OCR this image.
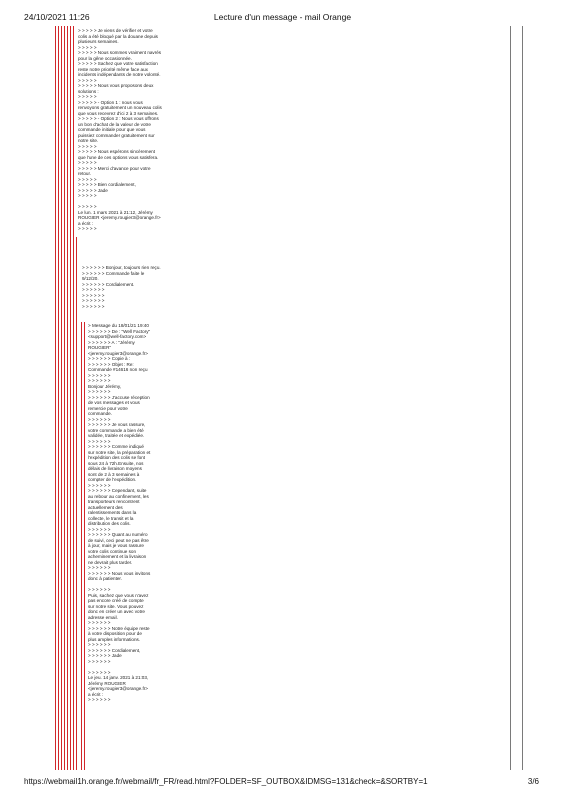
24/10/2021 11:26	Lecture d'un message - mail Orange
> > > > > Je viens de vérifier et votre
colis a été bloqué par la douane depuis
plusieurs semaines.
> > > > >
> > > > > Nous sommes vraiment navrés
pour la gêne occasionnée.
> > > > > Sachez que votre satisfaction
reste notre priorité même face aux
incidents indépendants de notre volonté.
> > > > >
> > > > > Nous vous proposons deux
solutions :
> > > > >
> > > > > - Option 1 : nous vous
renvoyons gratuitement un nouveau colis
que vous recevrez d'ici 2 à 3 semaines.
> > > > > - Option 2 : Nous vous offrons
un bon d'achat de la valeur de votre
commande initiale pour que vous
puissiez commander gratuitement sur
notre site.
> > > > >
> > > > > Nous espérons sincèrement
que l'une de ces options vous satisfera.
> > > > >
> > > > > Merci d'avance pour votre
retour.
> > > > >
> > > > > Bien cordialement,
> > > > > Jade
> > > > >

> > > > >
Le lun. 1 mars 2021 à 21:12, Jérémy
ROUGIER <jeremy.rougier3@orange.fr>
a écrit :
> > > > >
> > > > > > Bonjour, toujours rien reçu.
> > > > > > Commande faite le
9/12/20.
> > > > > > Cordialement.
> > > > > >
> > > > > >
> > > > > >
> > > > > >
> Message du 18/01/21 19:40
> > > > > > De : "Well Factory"
<support@well-factory.com>
> > > > > > A : "Jérémy
ROUGIER"
<jeremy.rougier3@orange.fr>
> > > > > > Copie à :
> > > > > > Objet : Re:
Commande #14616 non reçu
> > > > > >
> > > > > >
Bonjour Jérémy,
> > > > > >
> > > > > > J'accuse réception
de vos messages et vous
remercie pour votre
commande.
> > > > > >
> > > > > > Je vous rassure,
votre commande a bien été
validée, traitée et expédiée.
> > > > > >
> > > > > > Comme indiqué
sur notre site, la préparation et
l'expédition des colis se font
sous 24 à 72h.Ensuite, nos
délais de livraison moyens
sont de 2 à 3 semaines à
compter de l'expédition.
> > > > > >
> > > > > > Cependant, suite
au rebour au confinement, les
transporteurs rencontrent
actuellement des
ralentissements dans la
collecte, le transit et la
distribution des colis.
> > > > > >
> > > > > > Quant au numéro
de suivi, ceci peut ne pas être
à jour, mais je vous rassure
votre colis continue son
acheminement et la livraison
ne devrait plus tarder.
> > > > > >
> > > > > > Nous vous invitons
donc à patienter.

> > > > > >
Puis, sachez que vous n'avez
pas encore créé de compte
sur notre site. Vous pouvez
donc en créer un avec votre
adresse email.
> > > > > >
> > > > > > Notre équipe reste
à votre disposition pour de
plus amples informations.
> > > > > >
> > > > > > Cordialement,
> > > > > > Jade
> > > > > >

> > > > > >
Le jeu. 14 janv. 2021 à 21:03,
Jérémy ROUGIER
<jeremy.rougier3@orange.fr>
a écrit :
> > > > > >
https://webmail1h.orange.fr/webmail/fr_FR/read.html?FOLDER=SF_OUTBOX&IDMSG=131&check=&SORTBY=1	3/6
